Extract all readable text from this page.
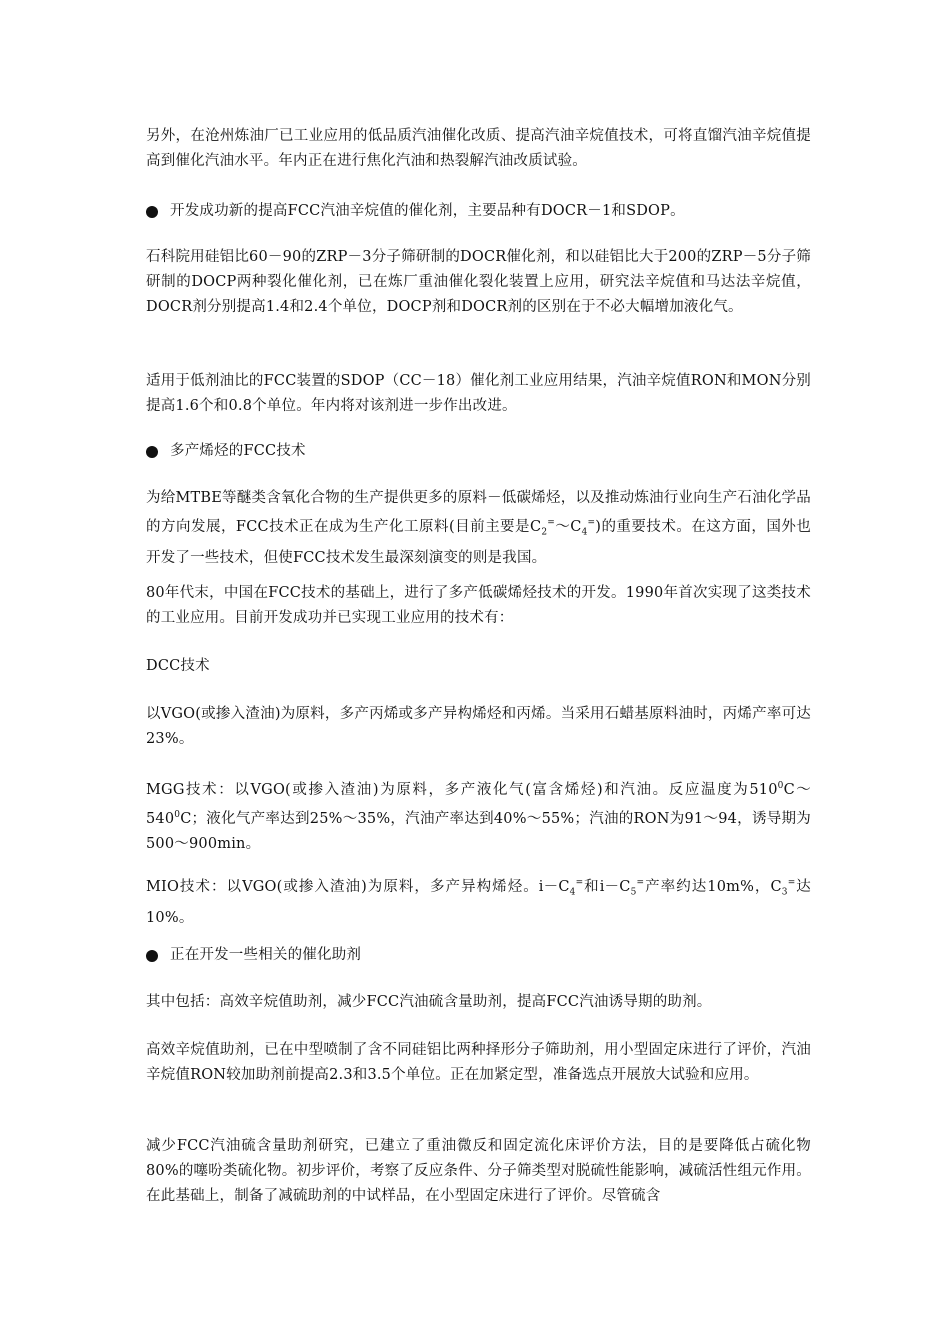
另外，在沧州炼油厂已工业应用的低品质汽油催化改质、提高汽油辛烷值技术，可将直馏汽油辛烷值提高到催化汽油水平。年内正在进行焦化汽油和热裂解汽油改质试验。

开发成功新的提高FCC汽油辛烷值的催化剂，主要品种有DOCR－1和SDOP。

石科院用硅铝比60－90的ZRP－3分子筛研制的DOCR催化剂，和以硅铝比大于200的ZRP－5分子筛研制的DOCP两种裂化催化剂，已在炼厂重油催化裂化装置上应用，研究法辛烷值和马达法辛烷值，DOCR剂分别提高1.4和2.4个单位，DOCP剂和DOCR剂的区别在于不必大幅增加液化气。

适用于低剂油比的FCC装置的SDOP（CC－18）催化剂工业应用结果，汽油辛烷值RON和MON分别提高1.6个和0.8个单位。年内将对该剂进一步作出改进。

多产烯烃的FCC技术

为给MTBE等醚类含氧化合物的生产提供更多的原料－低碳烯烃，以及推动炼油行业向生产石油化学品的方向发展，FCC技术正在成为生产化工原料(目前主要是$C_2^=\sim C_4^=$)的重要技术。在这方面，国外也开发了一些技术，但使FCC技术发生最深刻演变的则是我国。

80年代末，中国在FCC技术的基础上，进行了多产低碳烯烃技术的开发。1990年首次实现了这类技术的工业应用。目前开发成功并已实现工业应用的技术有：

DCC技术

以VGO(或掺入渣油)为原料，多产丙烯或多产异构烯烃和丙烯。当采用石蜡基原料油时，丙烯产率可达23%。

MGG技术：以VGO(或掺入渣油)为原料，多产液化气(富含烯烃)和汽油。反应温度为$510^0C\sim 540^0C$；液化气产率达到25%～35%，汽油产率达到40%～55%；汽油的RON为91～94，诱导期为500～900min。

MIO技术：以VGO(或掺入渣油)为原料，多产异构烯烃。$i-C_4^=$和$i-C_5^=$产率约达10m%，$C_3^=$达10%。

正在开发一些相关的催化助剂

其中包括：高效辛烷值助剂，减少FCC汽油硫含量助剂，提高FCC汽油诱导期的助剂。

高效辛烷值助剂，已在中型喷制了含不同硅铝比两种择形分子筛助剂，用小型固定床进行了评价，汽油辛烷值RON较加助剂前提高2.3和3.5个单位。正在加紧定型，准备选点开展放大试验和应用。

减少FCC汽油硫含量助剂研究，已建立了重油微反和固定流化床评价方法，目的是要降低占硫化物80%的噻吩类硫化物。初步评价，考察了反应条件、分子筛类型对脱硫性能影响，减硫活性组元作用。在此基础上，制备了减硫助剂的中试样品，在小型固定床进行了评价。尽管硫含
